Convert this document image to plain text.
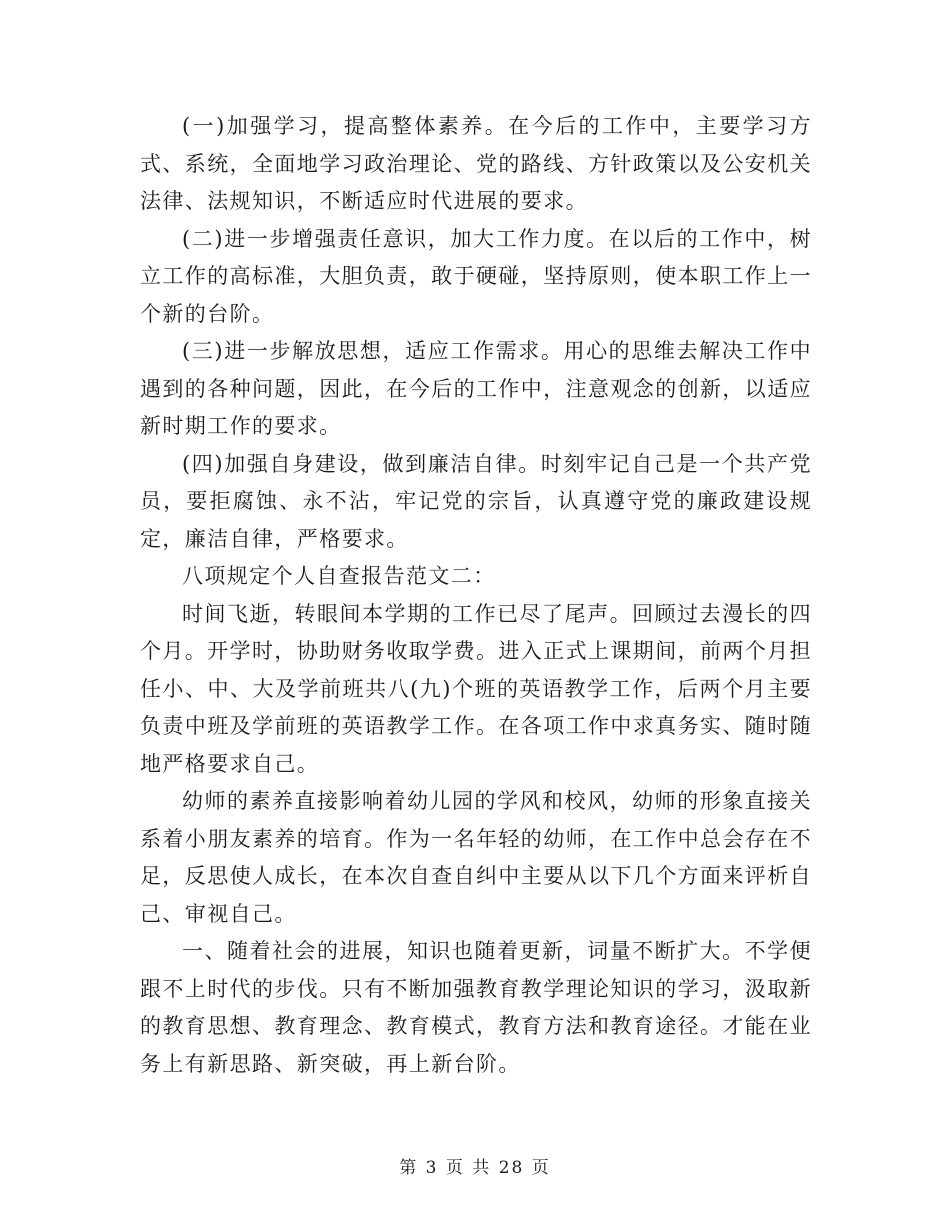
(一)加强学习，提高整体素养。在今后的工作中，主要学习方式、系统，全面地学习政治理论、党的路线、方针政策以及公安机关法律、法规知识，不断适应时代进展的要求。

(二)进一步增强责任意识，加大工作力度。在以后的工作中，树立工作的高标准，大胆负责，敢于硬碰，坚持原则，使本职工作上一个新的台阶。

(三)进一步解放思想，适应工作需求。用心的思维去解决工作中遇到的各种问题，因此，在今后的工作中，注意观念的创新，以适应新时期工作的要求。

(四)加强自身建设，做到廉洁自律。时刻牢记自己是一个共产党员，要拒腐蚀、永不沾，牢记党的宗旨，认真遵守党的廉政建设规定，廉洁自律，严格要求。

八项规定个人自查报告范文二：

时间飞逝，转眼间本学期的工作已尽了尾声。回顾过去漫长的四个月。开学时，协助财务收取学费。进入正式上课期间，前两个月担任小、中、大及学前班共八(九)个班的英语教学工作，后两个月主要负责中班及学前班的英语教学工作。在各项工作中求真务实、随时随地严格要求自己。

幼师的素养直接影响着幼儿园的学风和校风，幼师的形象直接关系着小朋友素养的培育。作为一名年轻的幼师，在工作中总会存在不足，反思使人成长，在本次自查自纠中主要从以下几个方面来评析自己、审视自己。

一、随着社会的进展，知识也随着更新，词量不断扩大。不学便跟不上时代的步伐。只有不断加强教育教学理论知识的学习，汲取新的教育思想、教育理念、教育模式，教育方法和教育途径。才能在业务上有新思路、新突破，再上新台阶。

第 3 页 共 28 页
